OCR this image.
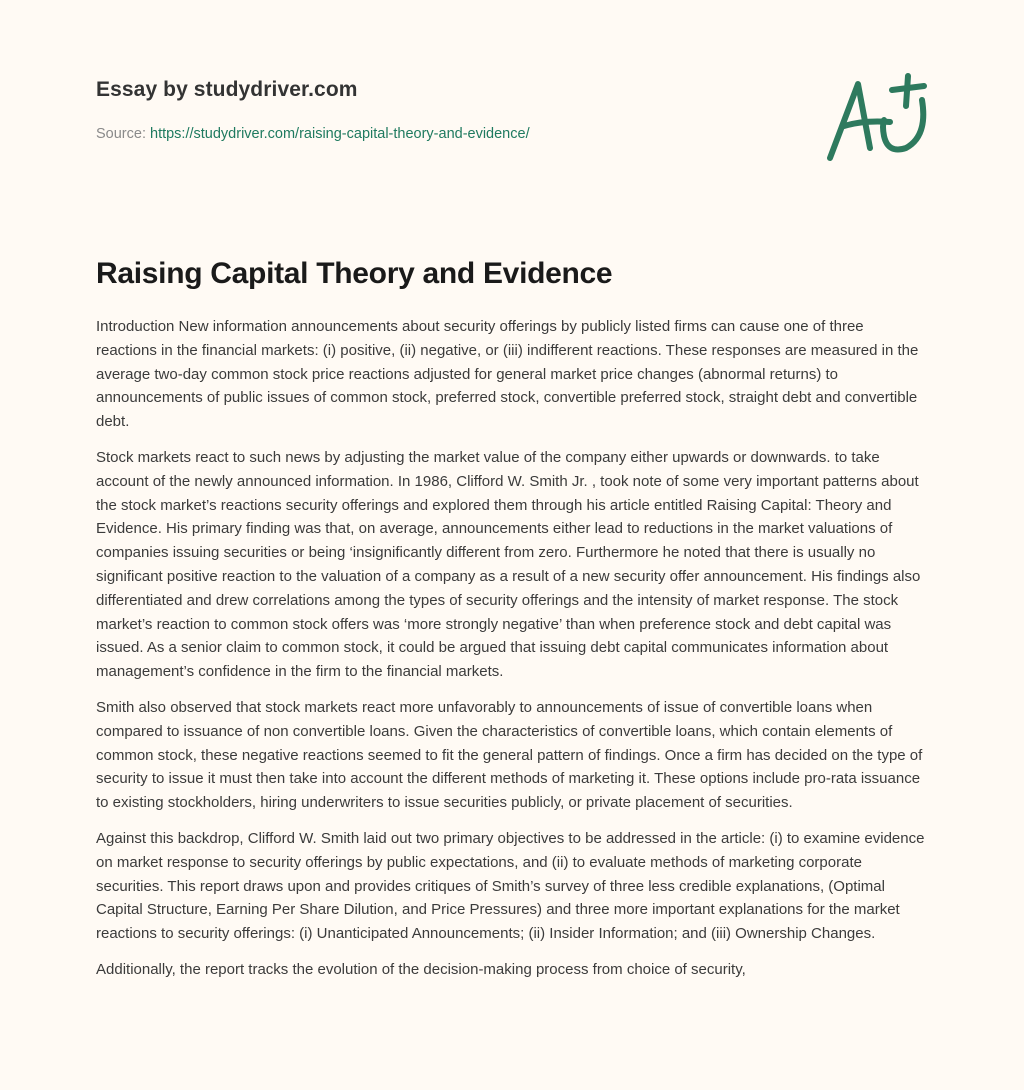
Essay by studydriver.com
Source: https://studydriver.com/raising-capital-theory-and-evidence/
Raising Capital Theory and Evidence

Introduction New information announcements about security offerings by publicly listed firms can cause one of three reactions in the financial markets: (i) positive, (ii) negative, or (iii) indifferent reactions. These responses are measured in the average two-day common stock price reactions adjusted for general market price changes (abnormal returns) to announcements of public issues of common stock, preferred stock, convertible preferred stock, straight debt and convertible debt.

Stock markets react to such news by adjusting the market value of the company either upwards or downwards. to take account of the newly announced information. In 1986, Clifford W. Smith Jr. , took note of some very important patterns about the stock market’s reactions security offerings and explored them through his article entitled Raising Capital: Theory and Evidence. His primary finding was that, on average, announcements either lead to reductions in the market valuations of companies issuing securities or being ‘insignificantly different from zero. Furthermore he noted that there is usually no significant positive reaction to the valuation of a company as a result of a new security offer announcement. His findings also differentiated and drew correlations among the types of security offerings and the intensity of market response. The stock market’s reaction to common stock offers was ‘more strongly negative’ than when preference stock and debt capital was issued. As a senior claim to common stock, it could be argued that issuing debt capital communicates information about management’s confidence in the firm to the financial markets.

Smith also observed that stock markets react more unfavorably to announcements of issue of convertible loans when compared to issuance of non convertible loans. Given the characteristics of convertible loans, which contain elements of common stock, these negative reactions seemed to fit the general pattern of findings. Once a firm has decided on the type of security to issue it must then take into account the different methods of marketing it. These options include pro-rata issuance to existing stockholders, hiring underwriters to issue securities publicly, or private placement of securities.

Against this backdrop, Clifford W. Smith laid out two primary objectives to be addressed in the article: (i) to examine evidence on market response to security offerings by public expectations, and (ii) to evaluate methods of marketing corporate securities. This report draws upon and provides critiques of Smith’s survey of three less credible explanations, (Optimal Capital Structure, Earning Per Share Dilution, and Price Pressures) and three more important explanations for the market reactions to security offerings: (i) Unanticipated Announcements; (ii) Insider Information; and (iii) Ownership Changes.

Additionally, the report tracks the evolution of the decision-making process from choice of security,
